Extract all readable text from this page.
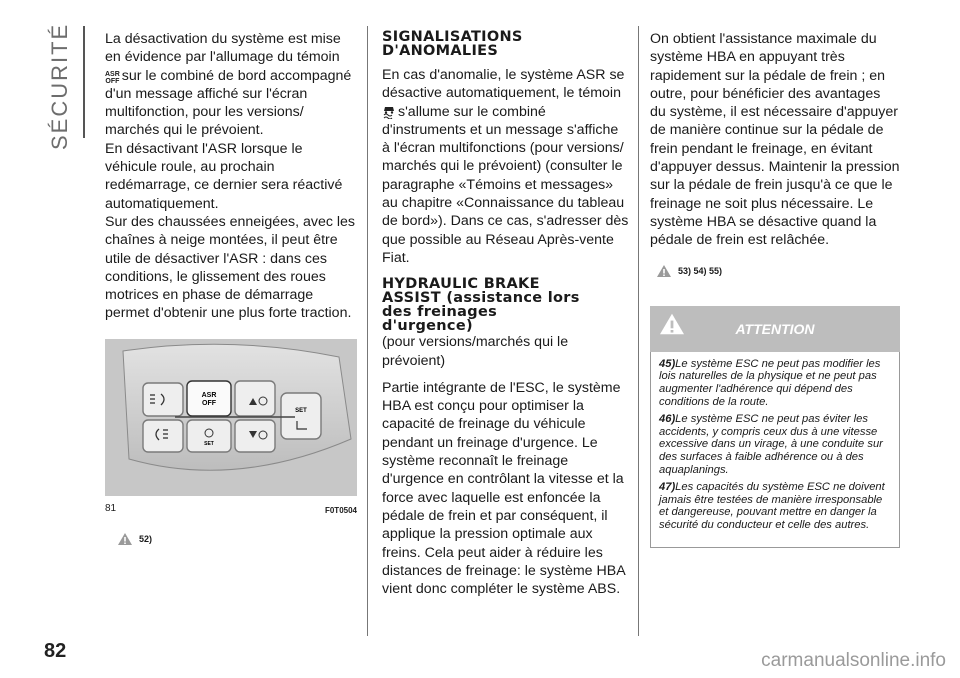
SÉCURITÉ
82

La désactivation du système est mise en évidence par l'allumage du témoin
ASR
OFF sur le combiné de bord accompagné d'un message affiché sur l'écran multifonction, pour les versions/ marchés qui le prévoient.

En désactivant l'ASR lorsque le véhicule roule, au prochain redémarrage, ce dernier sera réactivé automatiquement.

Sur des chaussées enneigées, avec les chaînes à neige montées, il peut être utile de désactiver l'ASR : dans ces conditions, le glissement des roues motrices en phase de démarrage permet d'obtenir une plus forte traction.

ASR
OFF
SET
SET
81	F0T0504
52)
SIGNALISATIONS
D'ANOMALIES

En cas d'anomalie, le système ASR se désactive automatiquement, le témoin
s'allume sur le combiné d'instruments et un message s'affiche à l'écran multifonctions (pour versions/ marchés qui le prévoient) (consulter le paragraphe «Témoins et messages» au chapitre «Connaissance du tableau de bord»). Dans ce cas, s'adresser dès que possible au Réseau Après-vente Fiat.

HYDRAULIC BRAKE
ASSIST (assistance lors
des freinages
d'urgence)

(pour versions/marchés qui le prévoient)

Partie intégrante de l'ESC, le système HBA est conçu pour optimiser la capacité de freinage du véhicule pendant un freinage d'urgence. Le système reconnaît le freinage d'urgence en contrôlant la vitesse et la force avec laquelle est enfoncée la pédale de frein et par conséquent, il applique la pression optimale aux freins. Cela peut aider à réduire les distances de freinage: le système HBA vient donc compléter le système ABS.

On obtient l'assistance maximale du système HBA en appuyant très rapidement sur la pédale de frein ; en outre, pour bénéficier des avantages du système, il est nécessaire d'appuyer de manière continue sur la pédale de frein pendant le freinage, en évitant d'appuyer dessus. Maintenir la pression sur la pédale de frein jusqu'à ce que le freinage ne soit plus nécessaire. Le système HBA se désactive quand la pédale de frein est relâchée.

53) 54) 55)
ATTENTION

45)Le système ESC ne peut pas modifier les lois naturelles de la physique et ne peut pas augmenter l'adhérence qui dépend des conditions de la route.

46)Le système ESC ne peut pas éviter les accidents, y compris ceux dus à une vitesse excessive dans un virage, à une conduite sur des surfaces à faible adhérence ou à des aquaplanings.

47)Les capacités du système ESC ne doivent jamais être testées de manière irresponsable et dangereuse, pouvant mettre en danger la sécurité du conducteur et celle des autres.

carmanualsonline.info
